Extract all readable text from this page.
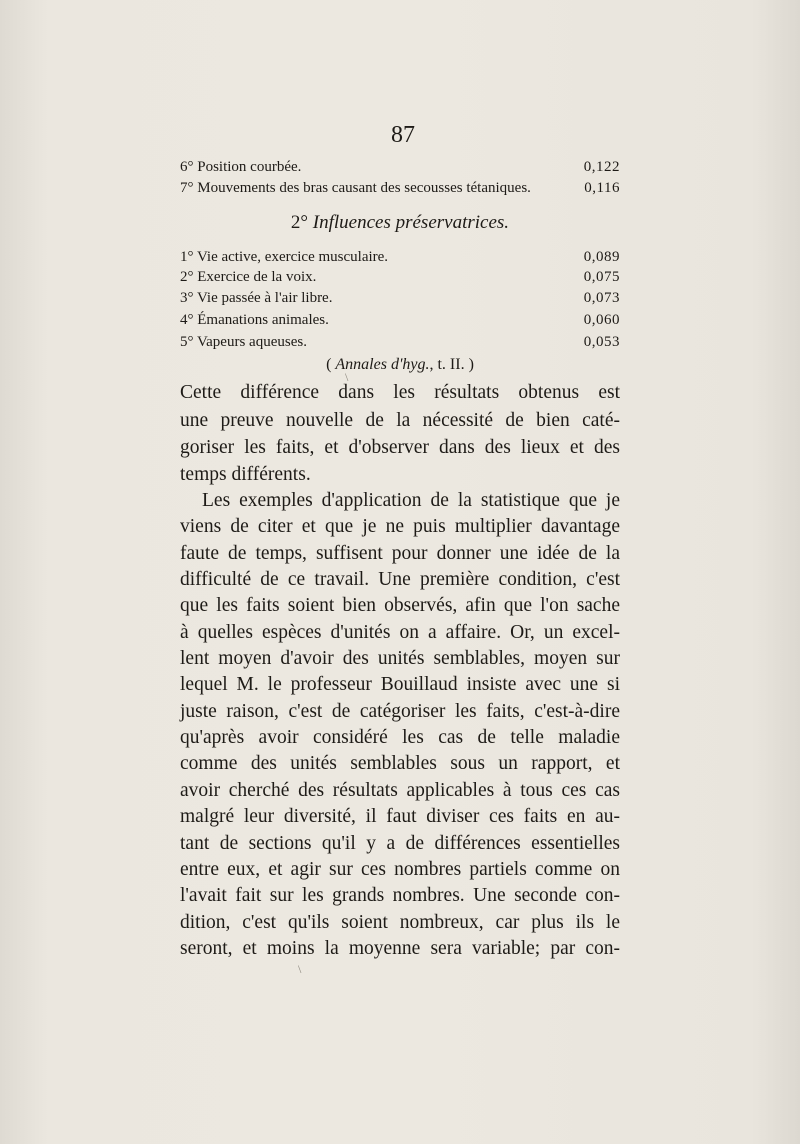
87
6° Position courbée.	0,122
7° Mouvements des bras causant des secousses tétaniques.	0,116
2° Influences préservatrices.
1° Vie active, exercice musculaire.	0,089
2° Exercice de la voix.	0,075
3° Vie passée à l'air libre.	0,073
4° Émanations animales.	0,060
5° Vapeurs aqueuses.	0,053
( Annales d'hyg., t. II. )
Cette différence dans les résultats obtenus est
une preuve nouvelle de la nécessité de bien caté-
goriser les faits, et d'observer dans des lieux et des
temps différents.
Les exemples d'application de la statistique que je
viens de citer et que je ne puis multiplier davantage
faute de temps, suffisent pour donner une idée de la
difficulté de ce travail. Une première condition, c'est
que les faits soient bien observés, afin que l'on sache
à quelles espèces d'unités on a affaire. Or, un excel-
lent moyen d'avoir des unités semblables, moyen sur
lequel M. le professeur Bouillaud insiste avec une si
juste raison, c'est de catégoriser les faits, c'est-à-dire
qu'après avoir considéré les cas de telle maladie
comme des unités semblables sous un rapport, et
avoir cherché des résultats applicables à tous ces cas
malgré leur diversité, il faut diviser ces faits en au-
tant de sections qu'il y a de différences essentielles
entre eux, et agir sur ces nombres partiels comme on
l'avait fait sur les grands nombres. Une seconde con-
dition, c'est qu'ils soient nombreux, car plus ils le
seront, et moins la moyenne sera variable; par con-
\
\
